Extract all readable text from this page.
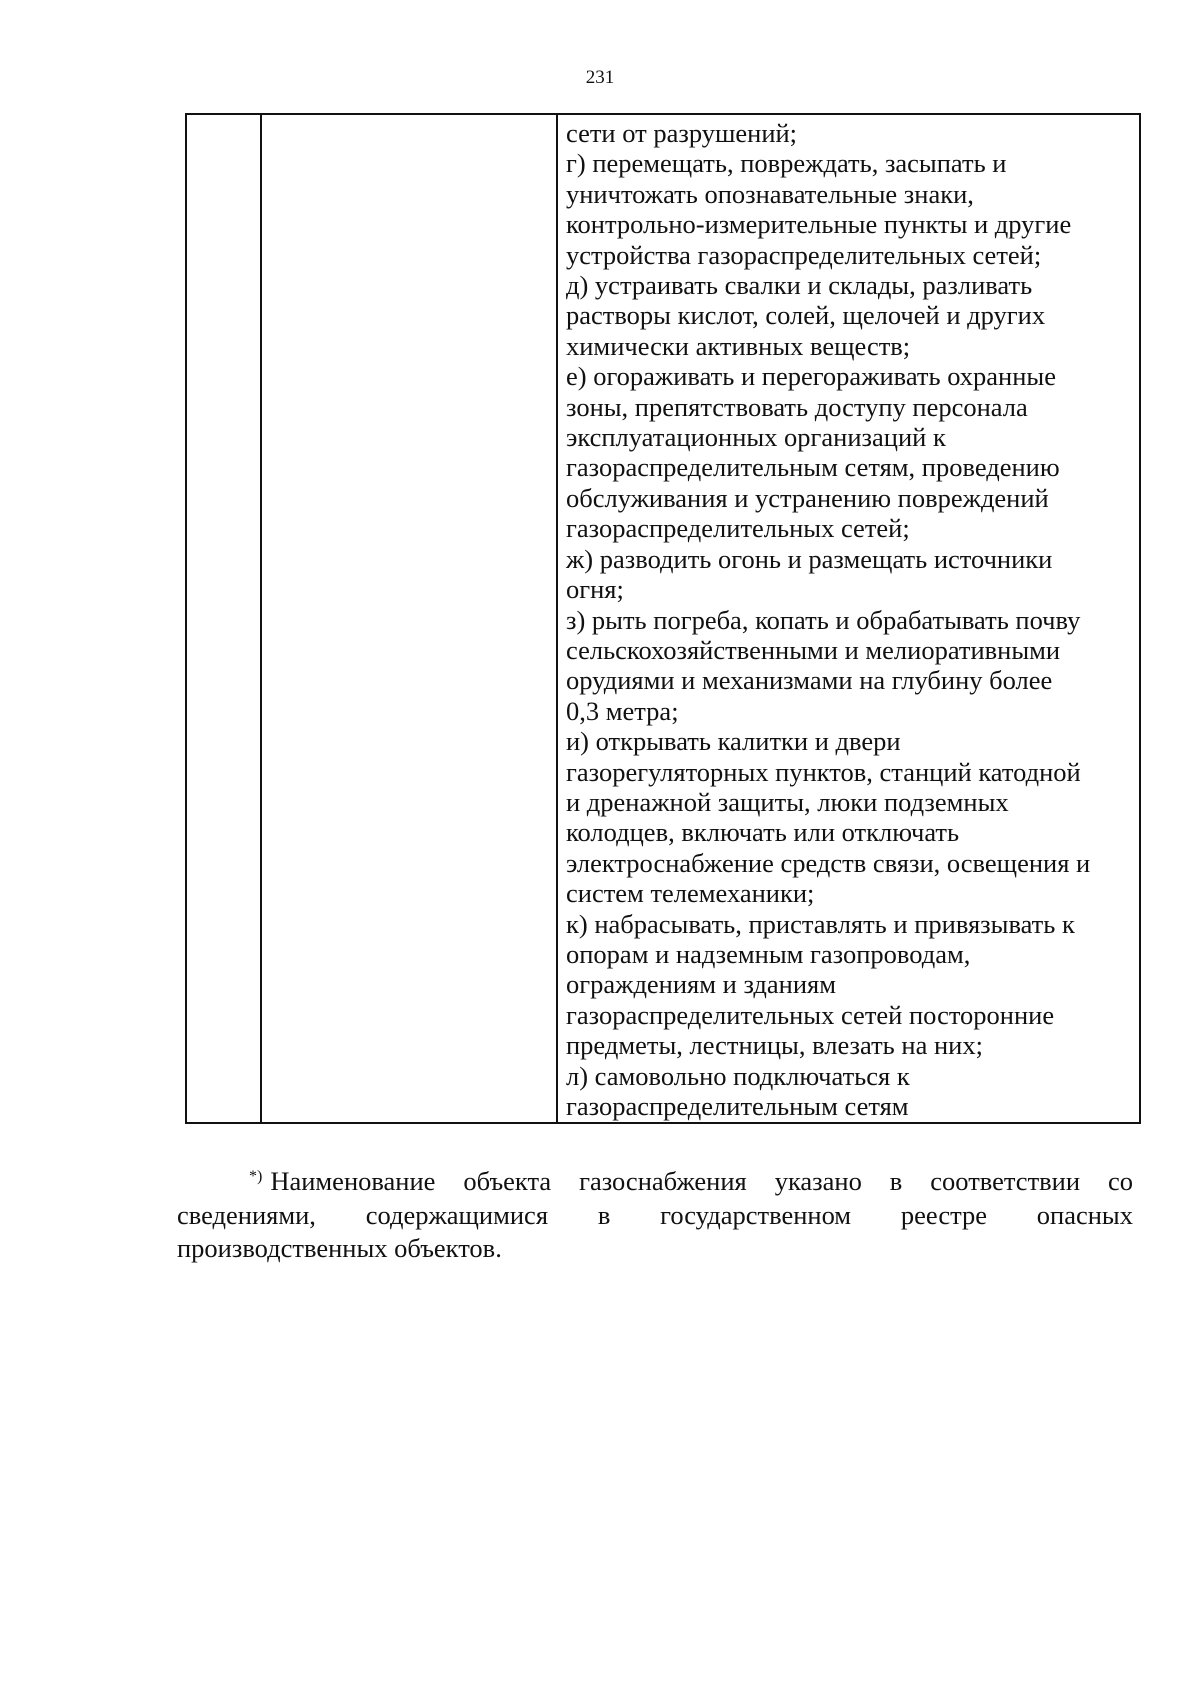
231

сети от разрушений;
г) перемещать, повреждать, засыпать и
уничтожать опознавательные знаки,
контрольно-измерительные пункты и другие
устройства газораспределительных сетей;
д) устраивать свалки и склады, разливать
растворы кислот, солей, щелочей и других
химически активных веществ;
е) огораживать и перегораживать охранные
зоны, препятствовать доступу персонала
эксплуатационных организаций к
газораспределительным сетям, проведению
обслуживания и устранению повреждений
газораспределительных сетей;
ж) разводить огонь и размещать источники
огня;
з) рыть погреба, копать и обрабатывать почву
сельскохозяйственными и мелиоративными
орудиями и механизмами на глубину более
0,3 метра;
и) открывать калитки и двери
газорегуляторных пунктов, станций катодной
и дренажной защиты, люки подземных
колодцев, включать или отключать
электроснабжение средств связи, освещения и
систем телемеханики;
к) набрасывать, приставлять и привязывать к
опорам и надземным газопроводам,
ограждениям и зданиям
газораспределительных сетей посторонние
предметы, лестницы, влезать на них;
л) самовольно подключаться к
газораспределительным сетям
*) Наименование объекта газоснабжения указано в соответствии со
сведениями, содержащимися в государственном реестре опасных
производственных объектов.
